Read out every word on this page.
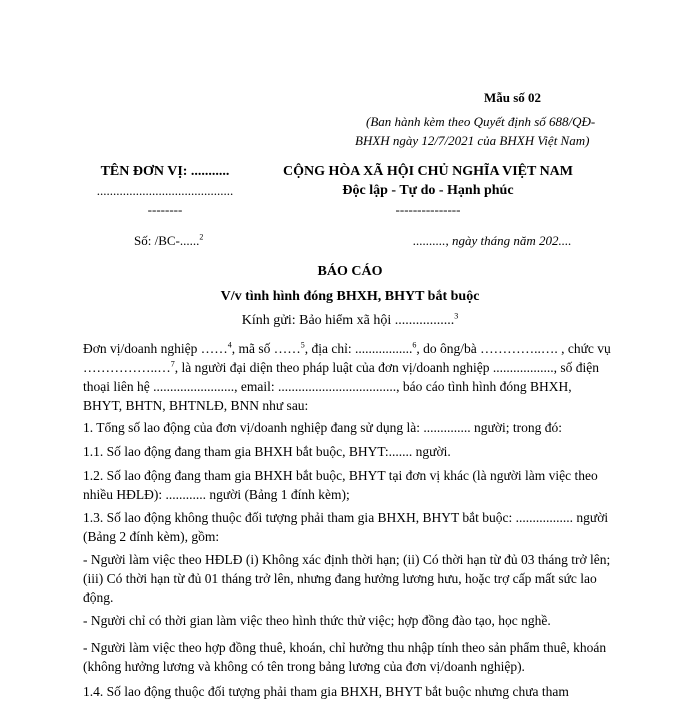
Mẫu số 02
(Ban hành kèm theo Quyết định số 688/QĐ-
BHXH ngày 12/7/2021 của BHXH Việt Nam)
TÊN ĐƠN VỊ: ...........
..........................................
--------
CỘNG HÒA XÃ HỘI CHỦ NGHĨA VIỆT NAM
Độc lập - Tự do - Hạnh phúc
---------------
Số: /BC-......$^2$	.........., ngày tháng năm 202....
BÁO CÁO
V/v tình hình đóng BHXH, BHYT bắt buộc
Kính gửi: Bảo hiểm xã hội .................$^3$
Đơn vị/doanh nghiệp ……$^4$, mã số ……$^5$, địa chỉ: .................$^6$, do ông/bà …………..…. , chức vụ ……………..…$^7$, là người đại diện theo pháp luật của đơn vị/doanh nghiệp .................., số điện thoại liên hệ ........................, email: ..................................., báo cáo tình hình đóng BHXH, BHYT, BHTN, BHTNLĐ, BNN như sau:
1. Tổng số lao động của đơn vị/doanh nghiệp đang sử dụng là: .............. người; trong đó:
1.1. Số lao động đang tham gia BHXH bắt buộc, BHYT:....... người.
1.2. Số lao động đang tham gia BHXH bắt buộc, BHYT tại đơn vị khác (là người làm việc theo nhiều HĐLĐ): ............ người (Bảng 1 đính kèm);
1.3. Số lao động không thuộc đối tượng phải tham gia BHXH, BHYT bắt buộc: ................. người (Bảng 2 đính kèm), gồm:
- Người làm việc theo HĐLĐ (i) Không xác định thời hạn; (ii) Có thời hạn từ đủ 03 tháng trở lên; (iii) Có thời hạn từ đủ 01 tháng trở lên, nhưng đang hưởng lương hưu, hoặc trợ cấp mất sức lao động.
- Người chỉ có thời gian làm việc theo hình thức thử việc; hợp đồng đào tạo, học nghề.
- Người làm việc theo hợp đồng thuê, khoán, chỉ hưởng thu nhập tính theo sản phẩm thuê, khoán (không hưởng lương và không có tên trong bảng lương của đơn vị/doanh nghiệp).
1.4. Số lao động thuộc đối tượng phải tham gia BHXH, BHYT bắt buộc nhưng chưa tham
